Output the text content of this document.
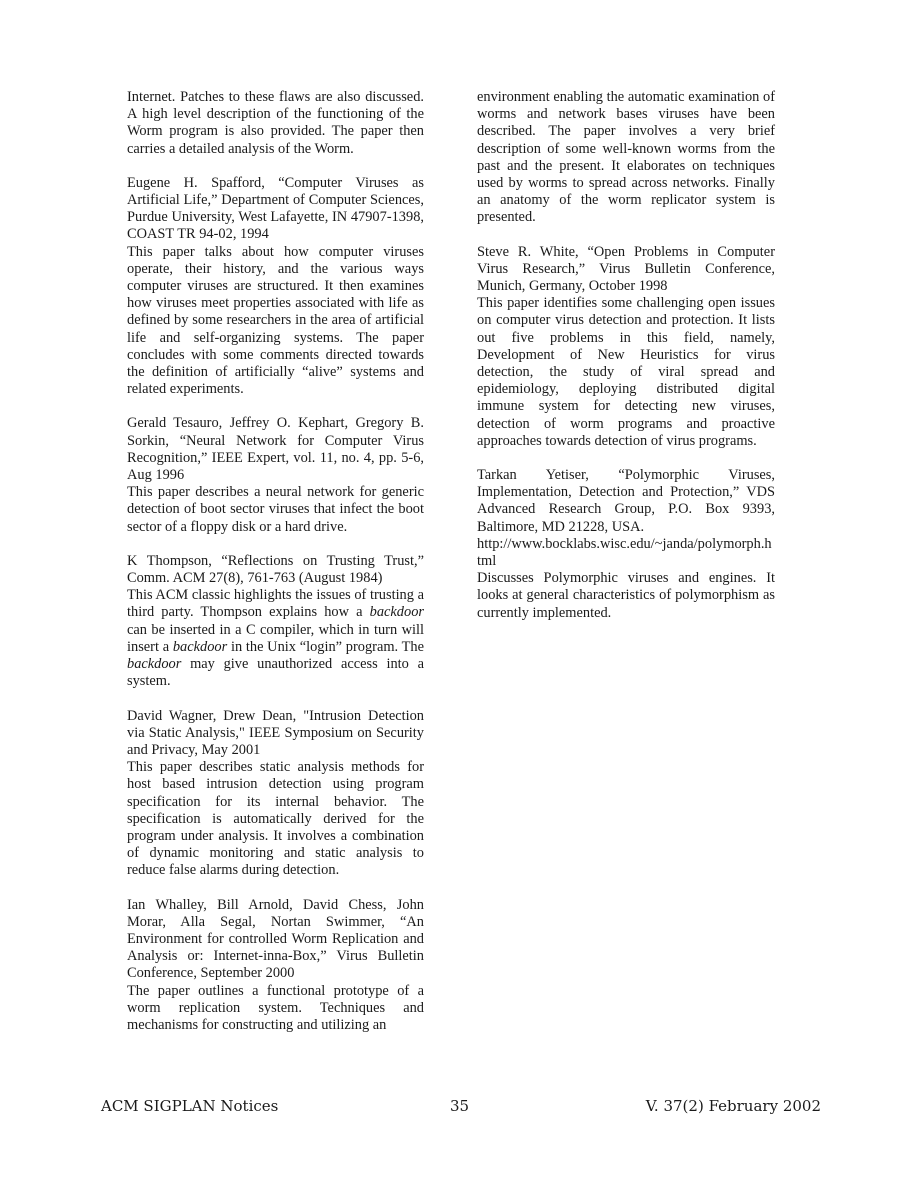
Internet. Patches to these flaws are also discussed. A high level description of the functioning of the Worm program is also provided. The paper then carries a detailed analysis of the Worm.

Eugene H. Spafford, “Computer Viruses as Artificial Life,” Department of Computer Sciences, Purdue University, West Lafayette, IN 47907-1398, COAST TR 94-02, 1994

This paper talks about how computer viruses operate, their history, and the various ways computer viruses are structured. It then examines how viruses meet properties associated with life as defined by some researchers in the area of artificial life and self-organizing systems. The paper concludes with some comments directed towards the definition of artificially “alive” systems and related experiments.

Gerald Tesauro, Jeffrey O. Kephart, Gregory B. Sorkin, “Neural Network for Computer Virus Recognition,” IEEE Expert, vol. 11, no. 4, pp. 5-6, Aug 1996

This paper describes a neural network for generic detection of boot sector viruses that infect the boot sector of a floppy disk or a hard drive.

K Thompson, “Reflections on Trusting Trust,” Comm. ACM 27(8), 761-763 (August 1984)

This ACM classic highlights the issues of trusting a third party. Thompson explains how a backdoor can be inserted in a C compiler, which in turn will insert a backdoor in the Unix “login” program. The backdoor may give unauthorized access into a system.

David Wagner, Drew Dean, "Intrusion Detection via Static Analysis," IEEE Symposium on Security and Privacy, May 2001

This paper describes static analysis methods for host based intrusion detection using program specification for its internal behavior. The specification is automatically derived for the program under analysis. It involves a combination of dynamic monitoring and static analysis to reduce false alarms during detection.

Ian Whalley, Bill Arnold, David Chess, John Morar, Alla Segal, Nortan Swimmer, “An Environment for controlled Worm Replication and Analysis or: Internet-inna-Box,” Virus Bulletin Conference, September 2000

The paper outlines a functional prototype of a worm replication system. Techniques and mechanisms for constructing and utilizing an

environment enabling the automatic examination of worms and network bases viruses have been described. The paper involves a very brief description of some well-known worms from the past and the present. It elaborates on techniques used by worms to spread across networks. Finally an anatomy of the worm replicator system is presented.

Steve R. White, “Open Problems in Computer Virus Research,” Virus Bulletin Conference, Munich, Germany, October 1998

This paper identifies some challenging open issues on computer virus detection and protection. It lists out five problems in this field, namely, Development of New Heuristics for virus detection, the study of viral spread and epidemiology, deploying distributed digital immune system for detecting new viruses, detection of worm programs and proactive approaches towards detection of virus programs.

Tarkan Yetiser, “Polymorphic Viruses, Implementation, Detection and Protection,” VDS Advanced Research Group, P.O. Box 9393, Baltimore, MD 21228, USA.

http://www.bocklabs.wisc.edu/~janda/polymorph.html

Discusses Polymorphic viruses and engines. It looks at general characteristics of polymorphism as currently implemented.

ACM SIGPLAN Notices	35	V. 37(2) February 2002
